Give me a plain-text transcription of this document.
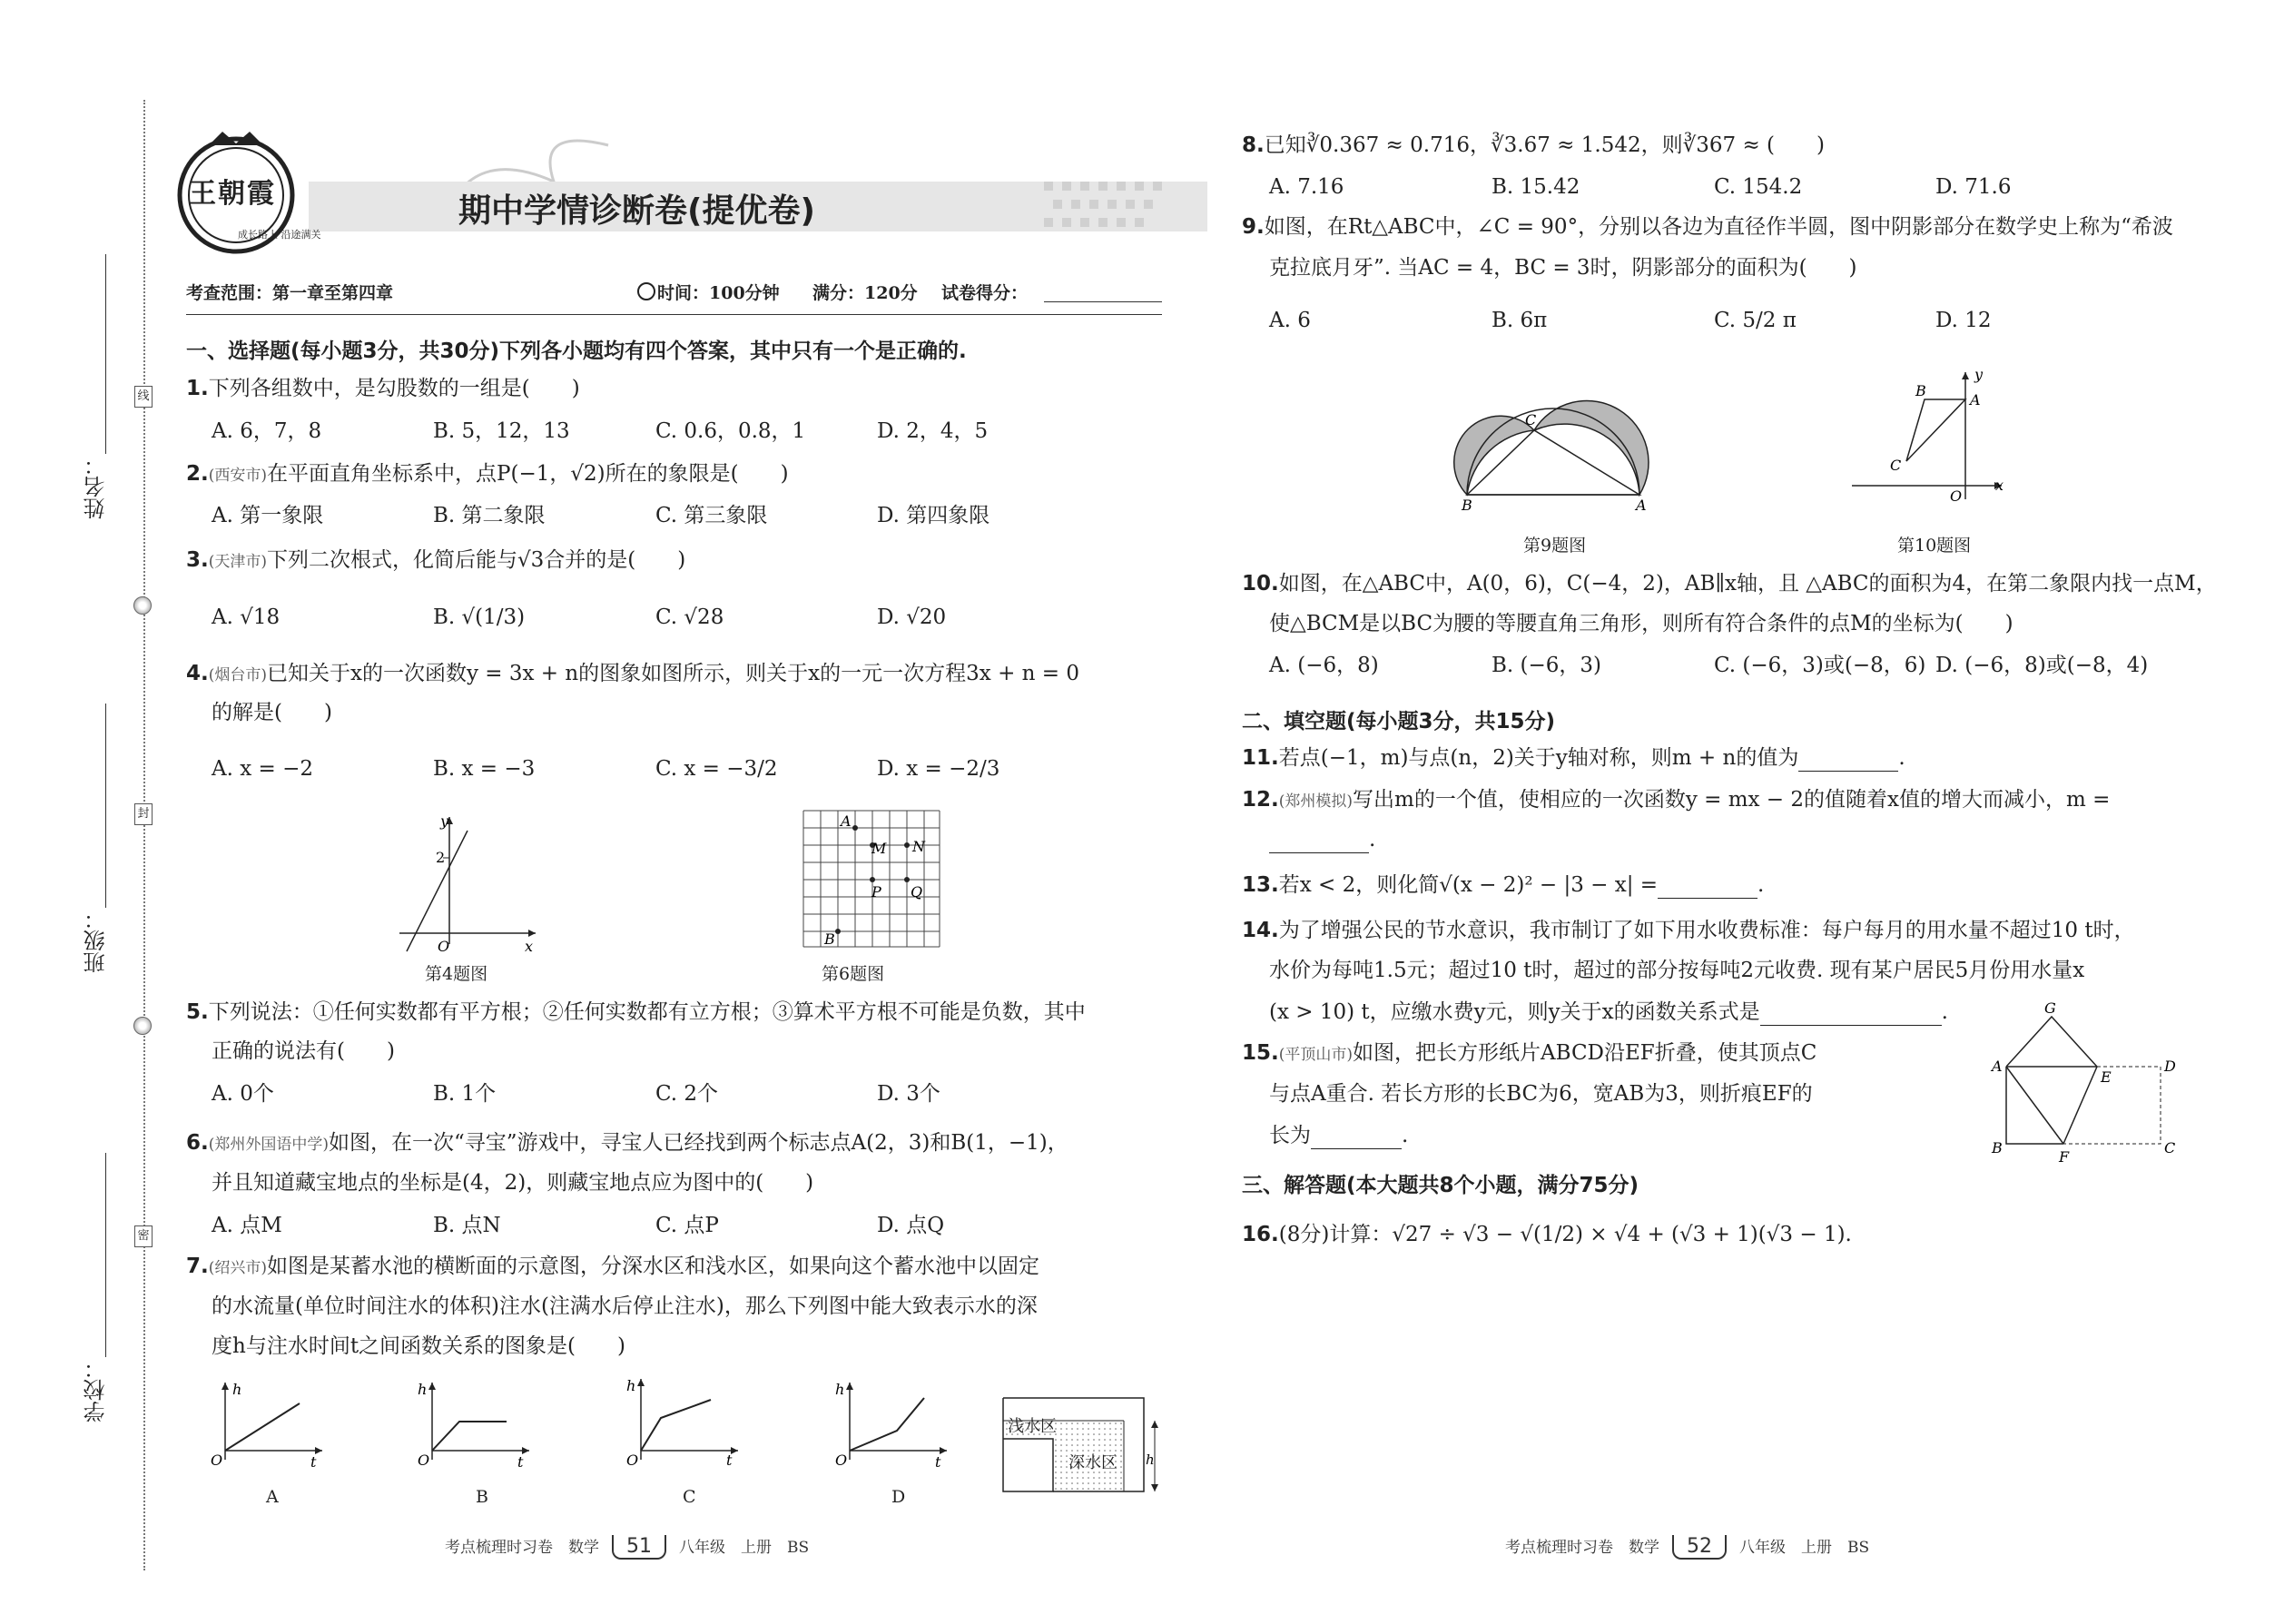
姓名：
班级：
学校：
线
封
密
王朝霞
成长路上 沿途满关
期中学情诊断卷(提优卷)
考查范围：第一章至第四章	时间：100分钟 满分：120分 试卷得分：
一、选择题(每小题3分，共30分)下列各小题均有四个答案，其中只有一个是正确的.
1.下列各组数中，是勾股数的一组是(　　)
A. 6，7，8	B. 5，12，13	C. 0.6，0.8，1	D. 2，4，5
2.(西安市)在平面直角坐标系中，点P(−1，√2)所在的象限是(　　)
A. 第一象限	B. 第二象限	C. 第三象限	D. 第四象限
3.(天津市)下列二次根式，化简后能与√3合并的是(　　)
A. √18	B. √(1/3)	C. √28	D. √20
4.(烟台市)已知关于x的一次函数y = 3x + n的图象如图所示，则关于x的一元一次方程3x + n = 0
的解是(　　)
A. x = −2	B. x = −3	C. x = −3/2	D. x = −2/3
y
2
O	x
第4题图
A
M N
P Q
B
第6题图
5.下列说法：①任何实数都有平方根；②任何实数都有立方根；③算术平方根不可能是负数，其中
正确的说法有(　　)
A. 0个	B. 1个	C. 2个	D. 3个
6.(郑州外国语中学)如图，在一次“寻宝”游戏中，寻宝人已经找到两个标志点A(2，3)和B(1，−1)，
并且知道藏宝地点的坐标是(4，2)，则藏宝地点应为图中的(　　)
A. 点M	B. 点N	C. 点P	D. 点Q
7.(绍兴市)如图是某蓄水池的横断面的示意图，分深水区和浅水区，如果向这个蓄水池中以固定
的水流量(单位时间注水的体积)注水(注满水后停止注水)，那么下列图中能大致表示水的深
度h与注水时间t之间函数关系的图象是(　　)
h
O	t
A
h
O	t
B
h
O	t
C
h
O	t
D
h
浅水区
深水区
考点梳理时习卷　数学 51 八年级　上册　BS
8.已知∛0.367 ≈ 0.716，∛3.67 ≈ 1.542，则∛367 ≈ (　　)
A. 7.16	B. 15.42	C. 154.2	D. 71.6
9.如图，在Rt△ABC中，∠C = 90°，分别以各边为直径作半圆，图中阴影部分在数学史上称为“希波
克拉底月牙”. 当AC = 4，BC = 3时，阴影部分的面积为(　　)
A. 6	B. 6π	C. 5/2 π	D. 12
B
C
A
第9题图
y
B
A
C
O
x
第10题图
10.如图，在△ABC中，A(0，6)，C(−4，2)，AB∥x轴，且 △ABC的面积为4，在第二象限内找一点M，
使△BCM是以BC为腰的等腰直角三角形，则所有符合条件的点M的坐标为(　　)
A. (−6，8)	B. (−6，3)	C. (−6，3)或(−8，6) D. (−6，8)或(−8，4)
二、填空题(每小题3分，共15分)
11.若点(−1，m)与点(n，2)关于y轴对称，则m + n的值为	.
12.(郑州模拟)写出m的一个值，使相应的一次函数y = mx − 2的值随着x值的增大而减小，m =
.
13.若x < 2，则化简√(x − 2)² − |3 − x| =	.
14.为了增强公民的节水意识，我市制订了如下用水收费标准：每户每月的用水量不超过10 t时，
水价为每吨1.5元；超过10 t时，超过的部分按每吨2元收费. 现有某户居民5月份用水量x
(x > 10) t，应缴水费y元，则y关于x的函数关系式是	.
15.(平顶山市)如图，把长方形纸片ABCD沿EF折叠，使其顶点C
与点A重合. 若长方形的长BC为6，宽AB为3，则折痕EF的
长为	.
G
A	D
E
B
F
C
三、解答题(本大题共8个小题，满分75分)
16.(8分)计算：√27 ÷ √3 − √(1/2) × √4 + (√3 + 1)(√3 − 1).
考点梳理时习卷　数学 52 八年级　上册　BS
